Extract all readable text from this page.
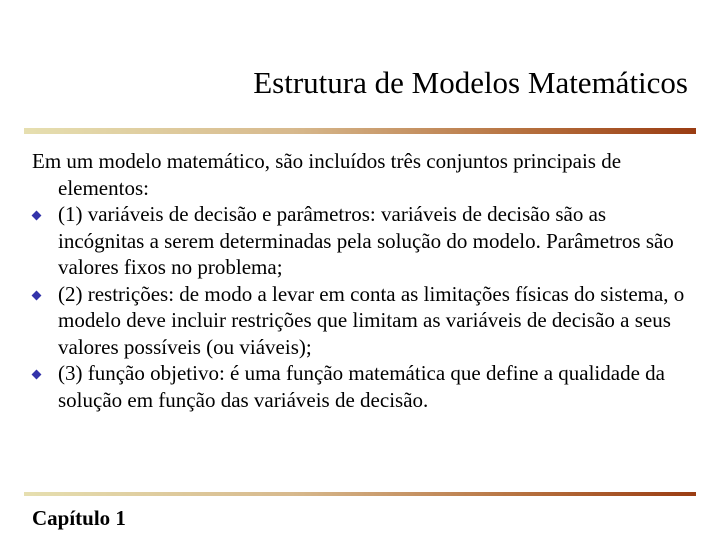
Estrutura de Modelos Matemáticos

Em um modelo matemático, são incluídos três conjuntos principais de elementos:

(1) variáveis de decisão e parâmetros: variáveis de decisão são as incógnitas a serem determinadas pela solução do modelo. Parâmetros são valores fixos no problema;
(2) restrições: de modo a levar em conta as limitações físicas do sistema, o modelo deve incluir restrições que limitam as variáveis de decisão a seus valores possíveis (ou viáveis);
(3) função objetivo: é uma função matemática que define a qualidade da solução em função das variáveis de decisão.
Capítulo 1
